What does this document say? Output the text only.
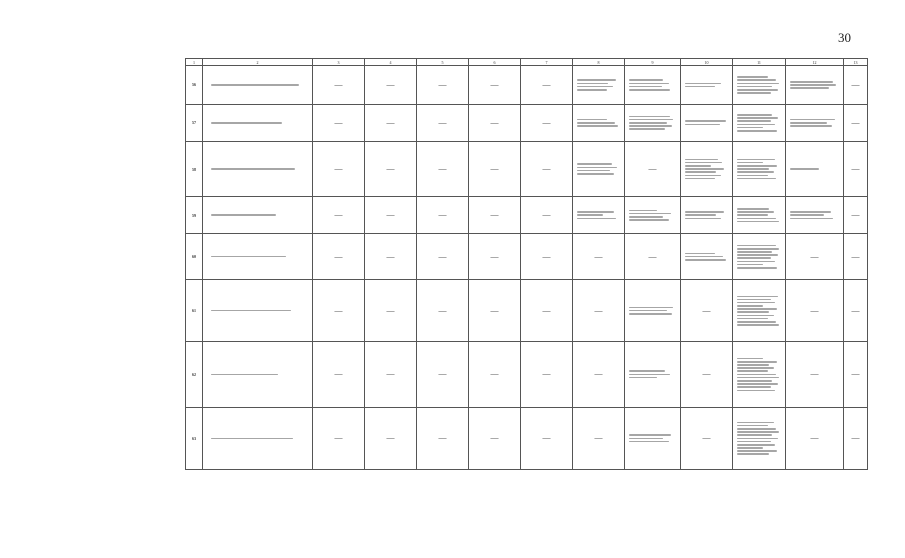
30
1	2	3	4	5	6	7	8	9	10	11	12	13
56		—	—	—	—	—						—
57		—	—	—	—	—						—
58		—	—	—	—	—		—				—
59		—	—	—	—	—						—
60		—	—	—	—	—	—	—			—	—
61		—	—	—	—	—	—		—		—	—
62		—	—	—	—	—	—		—		—	—
63		—	—	—	—	—	—		—		—	—
